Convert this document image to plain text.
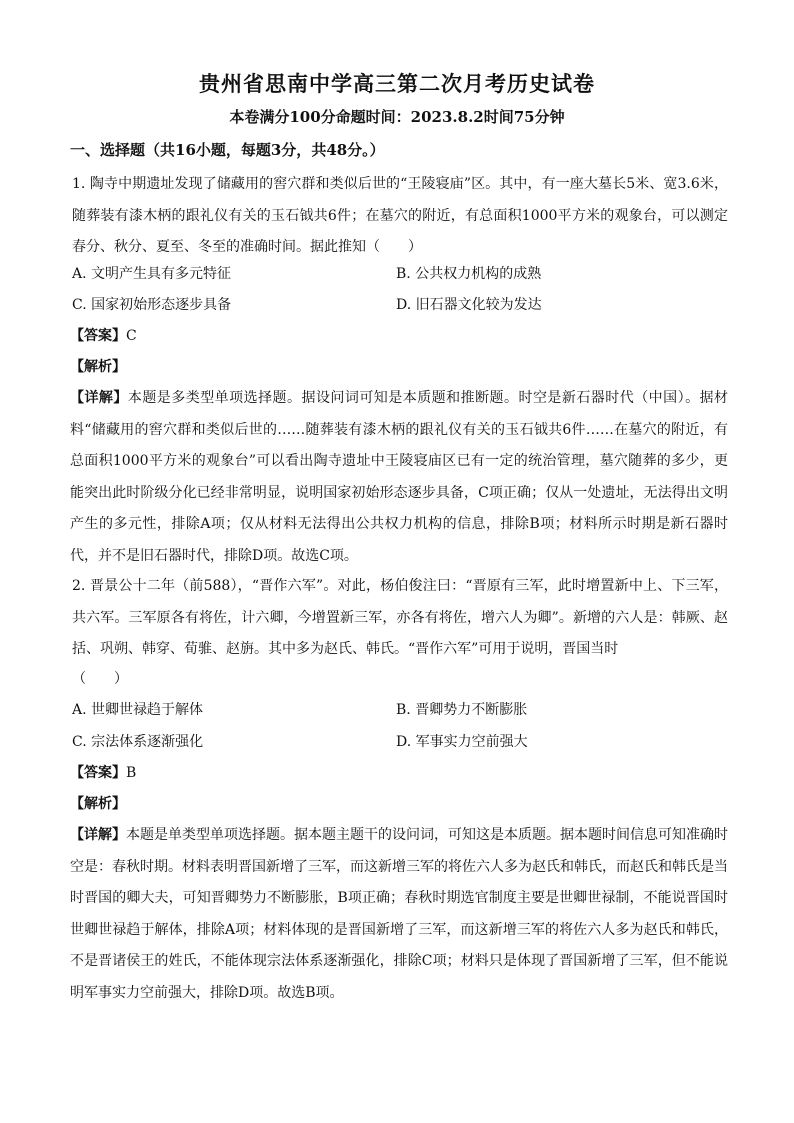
贵州省思南中学高三第二次月考历史试卷

本卷满分100分命题时间：2023.8.2时间75分钟

一、选择题（共16小题，每题3分，共48分。）

1. 陶寺中期遗址发现了储藏用的窖穴群和类似后世的“王陵寝庙”区。其中，有一座大墓长5米、宽3.6米，随葬装有漆木柄的跟礼仪有关的玉石钺共6件；在墓穴的附近，有总面积1000平方米的观象台，可以测定春分、秋分、夏至、冬至的准确时间。据此推知（　　）

A. 文明产生具有多元特征	B. 公共权力机构的成熟

C. 国家初始形态逐步具备	D. 旧石器文化较为发达

【答案】C

【解析】

【详解】本题是多类型单项选择题。据设问词可知是本质题和推断题。时空是新石器时代（中国）。据材料“储藏用的窖穴群和类似后世的……随葬装有漆木柄的跟礼仪有关的玉石钺共6件……在墓穴的附近，有总面积1000平方米的观象台”可以看出陶寺遗址中王陵寝庙区已有一定的统治管理，墓穴随葬的多少，更能突出此时阶级分化已经非常明显，说明国家初始形态逐步具备，C项正确；仅从一处遗址，无法得出文明产生的多元性，排除A项；仅从材料无法得出公共权力机构的信息，排除B项；材料所示时期是新石器时代，并不是旧石器时代，排除D项。故选C项。

2. 晋景公十二年（前588），“晋作六军”。对此，杨伯俊注曰：“晋原有三军，此时增置新中上、下三军，共六军。三军原各有将佐，计六卿，今增置新三军，亦各有将佐，增六人为卿”。新增的六人是：韩厥、赵括、巩朔、韩穿、荀骓、赵旃。其中多为赵氏、韩氏。“晋作六军”可用于说明，晋国当时

（　　）

A. 世卿世禄趋于解体	B. 晋卿势力不断膨胀

C. 宗法体系逐渐强化	D. 军事实力空前强大

【答案】B

【解析】

【详解】本题是单类型单项选择题。据本题主题干的设问词，可知这是本质题。据本题时间信息可知准确时空是：春秋时期。材料表明晋国新增了三军，而这新增三军的将佐六人多为赵氏和韩氏，而赵氏和韩氏是当时晋国的卿大夫，可知晋卿势力不断膨胀，B项正确；春秋时期选官制度主要是世卿世禄制，不能说晋国时世卿世禄趋于解体，排除A项；材料体现的是晋国新增了三军，而这新增三军的将佐六人多为赵氏和韩氏，不是晋诸侯王的姓氏，不能体现宗法体系逐渐强化，排除C项；材料只是体现了晋国新增了三军，但不能说明军事实力空前强大，排除D项。故选B项。
